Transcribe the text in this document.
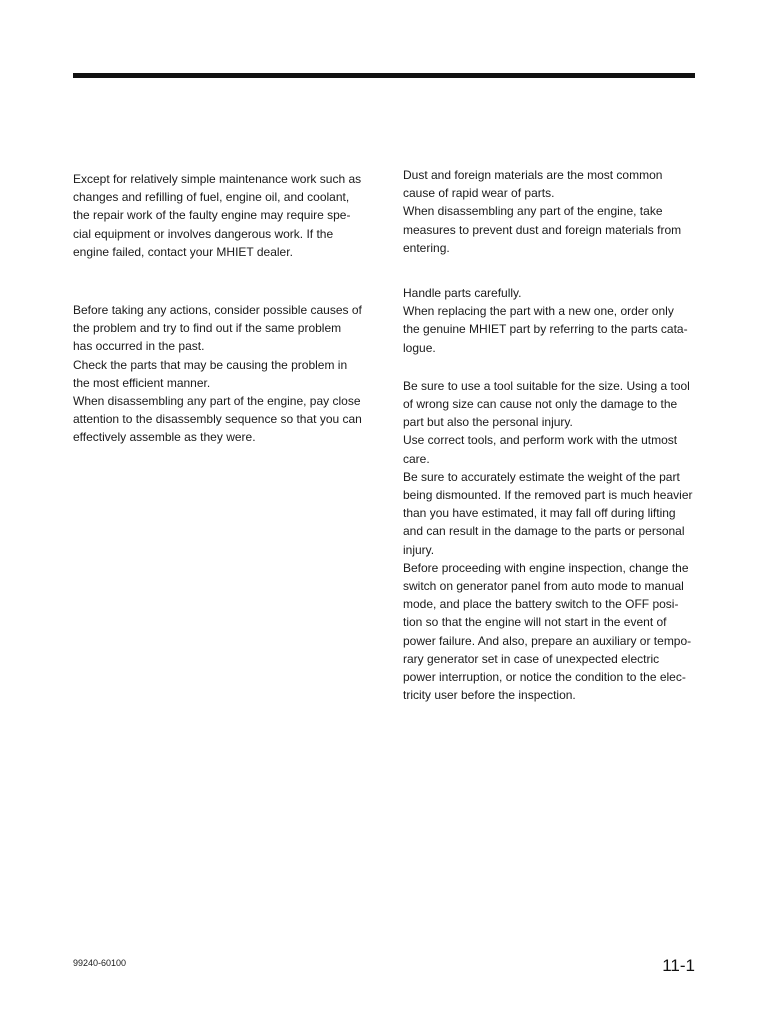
Except for relatively simple maintenance work such as
changes and refilling of fuel, engine oil, and coolant,
the repair work of the faulty engine may require spe-
cial equipment or involves dangerous work. If the
engine failed, contact your MHIET dealer.

Before taking any actions, consider possible causes of
the problem and try to find out if the same problem
has occurred in the past.
Check the parts that may be causing the problem in
the most efficient manner.
When disassembling any part of the engine, pay close
attention to the disassembly sequence so that you can
effectively assemble as they were.

Dust and foreign materials are the most common
cause of rapid wear of parts.
When disassembling any part of the engine, take
measures to prevent dust and foreign materials from
entering.

Handle parts carefully.
When replacing the part with a new one, order only
the genuine MHIET part by referring to the parts cata-
logue.

Be sure to use a tool suitable for the size. Using a tool
of wrong size can cause not only the damage to the
part but also the personal injury.
Use correct tools, and perform work with the utmost
care.
Be sure to accurately estimate the weight of the part
being dismounted. If the removed part is much heavier
than you have estimated, it may fall off during lifting
and can result in the damage to the parts or personal
injury.
Before proceeding with engine inspection, change the
switch on generator panel from auto mode to manual
mode, and place the battery switch to the OFF posi-
tion so that the engine will not start in the event of
power failure. And also, prepare an auxiliary or tempo-
rary generator set in case of unexpected electric
power interruption, or notice the condition to the elec-
tricity user before the inspection.

99240-60100	11-1
